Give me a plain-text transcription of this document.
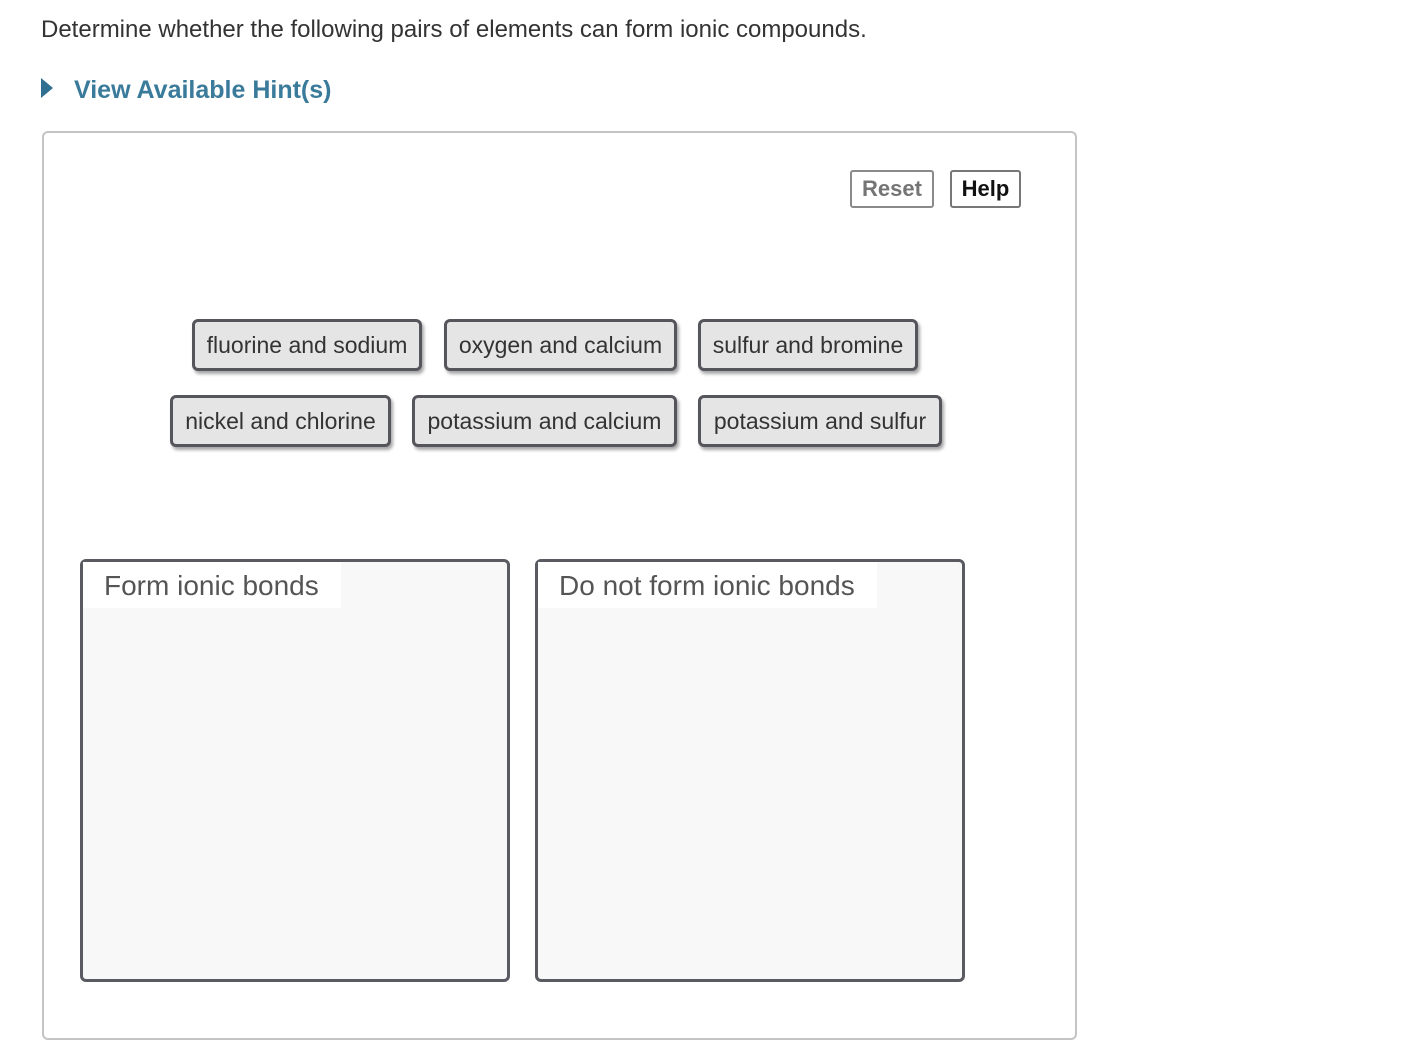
Determine whether the following pairs of elements can form ionic compounds.
View Available Hint(s)
Reset	Help
fluorine and sodium	oxygen and calcium	sulfur and bromine
nickel and chlorine	potassium and calcium	potassium and sulfur
Form ionic bonds	Do not form ionic bonds
